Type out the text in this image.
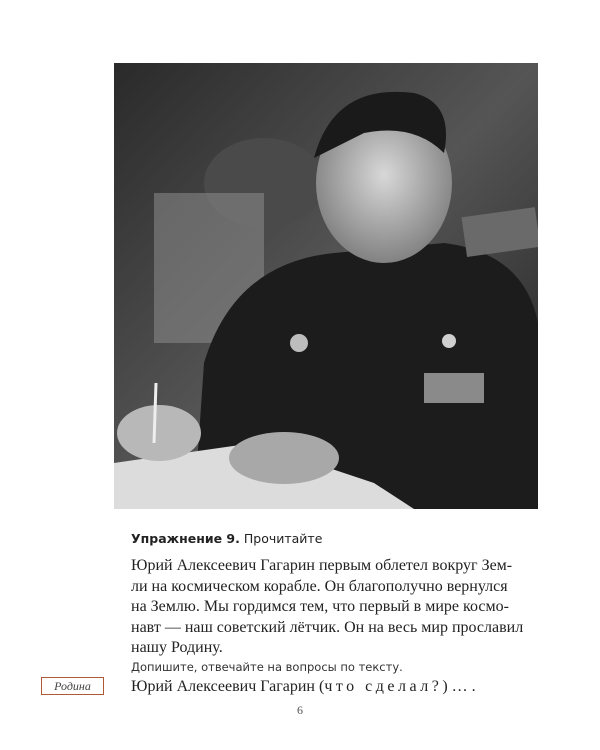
Упражнение 9. Прочитайте

Юрий Алексеевич Гагарин первым облетел вокруг Зем-
ли на космическом корабле. Он благополучно вернулся
на Землю. Мы гордимся тем, что первый в мире космо-
навт — наш советский лётчик. Он на весь мир прославил
нашу Родину.

Допишите, отвечайте на вопросы по тексту.
Родина	Юрий Алексеевич Гагарин (что сделал?) … .
6
